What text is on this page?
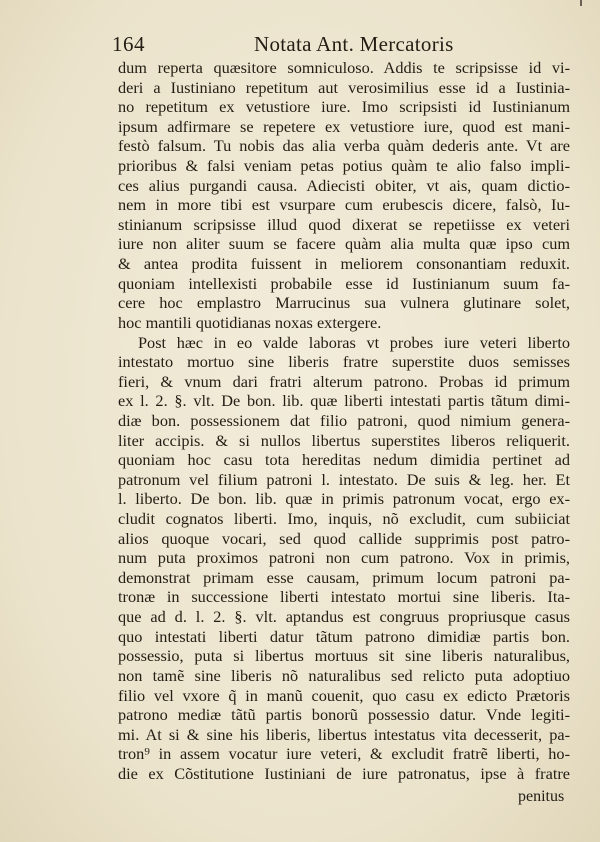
164	Notata Ant. Mercatoris
dum reperta quæsitore somniculoso. Addis te scripsisse id vi-
deri a Iustiniano repetitum aut verosimilius esse id a Iustinia-
no repetitum ex vetustiore iure. Imo scripsisti id Iustinianum
ipsum adfirmare se repetere ex vetustiore iure, quod est mani-
festò falsum. Tu nobis das alia verba quàm dederis ante. Vt are
prioribus & falsi veniam petas potius quàm te alio falso impli-
ces alius purgandi causa. Adiecisti obiter, vt ais, quam dictio-
nem in more tibi est vsurpare cum erubescis dicere, falsò, Iu-
stinianum scripsisse illud quod dixerat se repetiisse ex veteri
iure non aliter suum se facere quàm alia multa quæ ipso cum
& antea prodita fuissent in meliorem consonantiam reduxit.
quoniam intellexisti probabile esse id Iustinianum suum fa-
cere hoc emplastro Marrucinus sua vulnera glutinare solet,
hoc mantili quotidianas noxas extergere.
Post hæc in eo valde laboras vt probes iure veteri liberto
intestato mortuo sine liberis fratre superstite duos semisses
fieri, & vnum dari fratri alterum patrono. Probas id primum
ex l. 2. §. vlt. De bon. lib. quæ liberti intestati partis tãtum dimi-
diæ bon. possessionem dat filio patroni, quod nimium genera-
liter accipis. & si nullos libertus superstites liberos reliquerit.
quoniam hoc casu tota hereditas nedum dimidia pertinet ad
patronum vel filium patroni l. intestato. De suis & leg. her. Et
l. liberto. De bon. lib. quæ in primis patronum vocat, ergo ex-
cludit cognatos liberti. Imo, inquis, nõ excludit, cum subiiciat
alios quoque vocari, sed quod callide supprimis post patro-
num puta proximos patroni non cum patrono. Vox in primis,
demonstrat primam esse causam, primum locum patroni pa-
tronæ in successione liberti intestato mortui sine liberis. Ita-
que ad d. l. 2. §. vlt. aptandus est congruus propriusque casus
quo intestati liberti datur tãtum patrono dimidiæ partis bon.
possessio, puta si libertus mortuus sit sine liberis naturalibus,
non tamẽ sine liberis nõ naturalibus sed relicto puta adoptiuo
filio vel vxore q̃ in manũ couenit, quo casu ex edicto Prætoris
patrono mediæ tãtũ partis bonorũ possessio datur. Vnde legiti-
mi. At si & sine his liberis, libertus intestatus vita decesserit, pa-
tron⁹ in assem vocatur iure veteri, & excludit fratrẽ liberti, ho-
die ex Cõstitutione Iustiniani de iure patronatus, ipse à fratre
penitus
